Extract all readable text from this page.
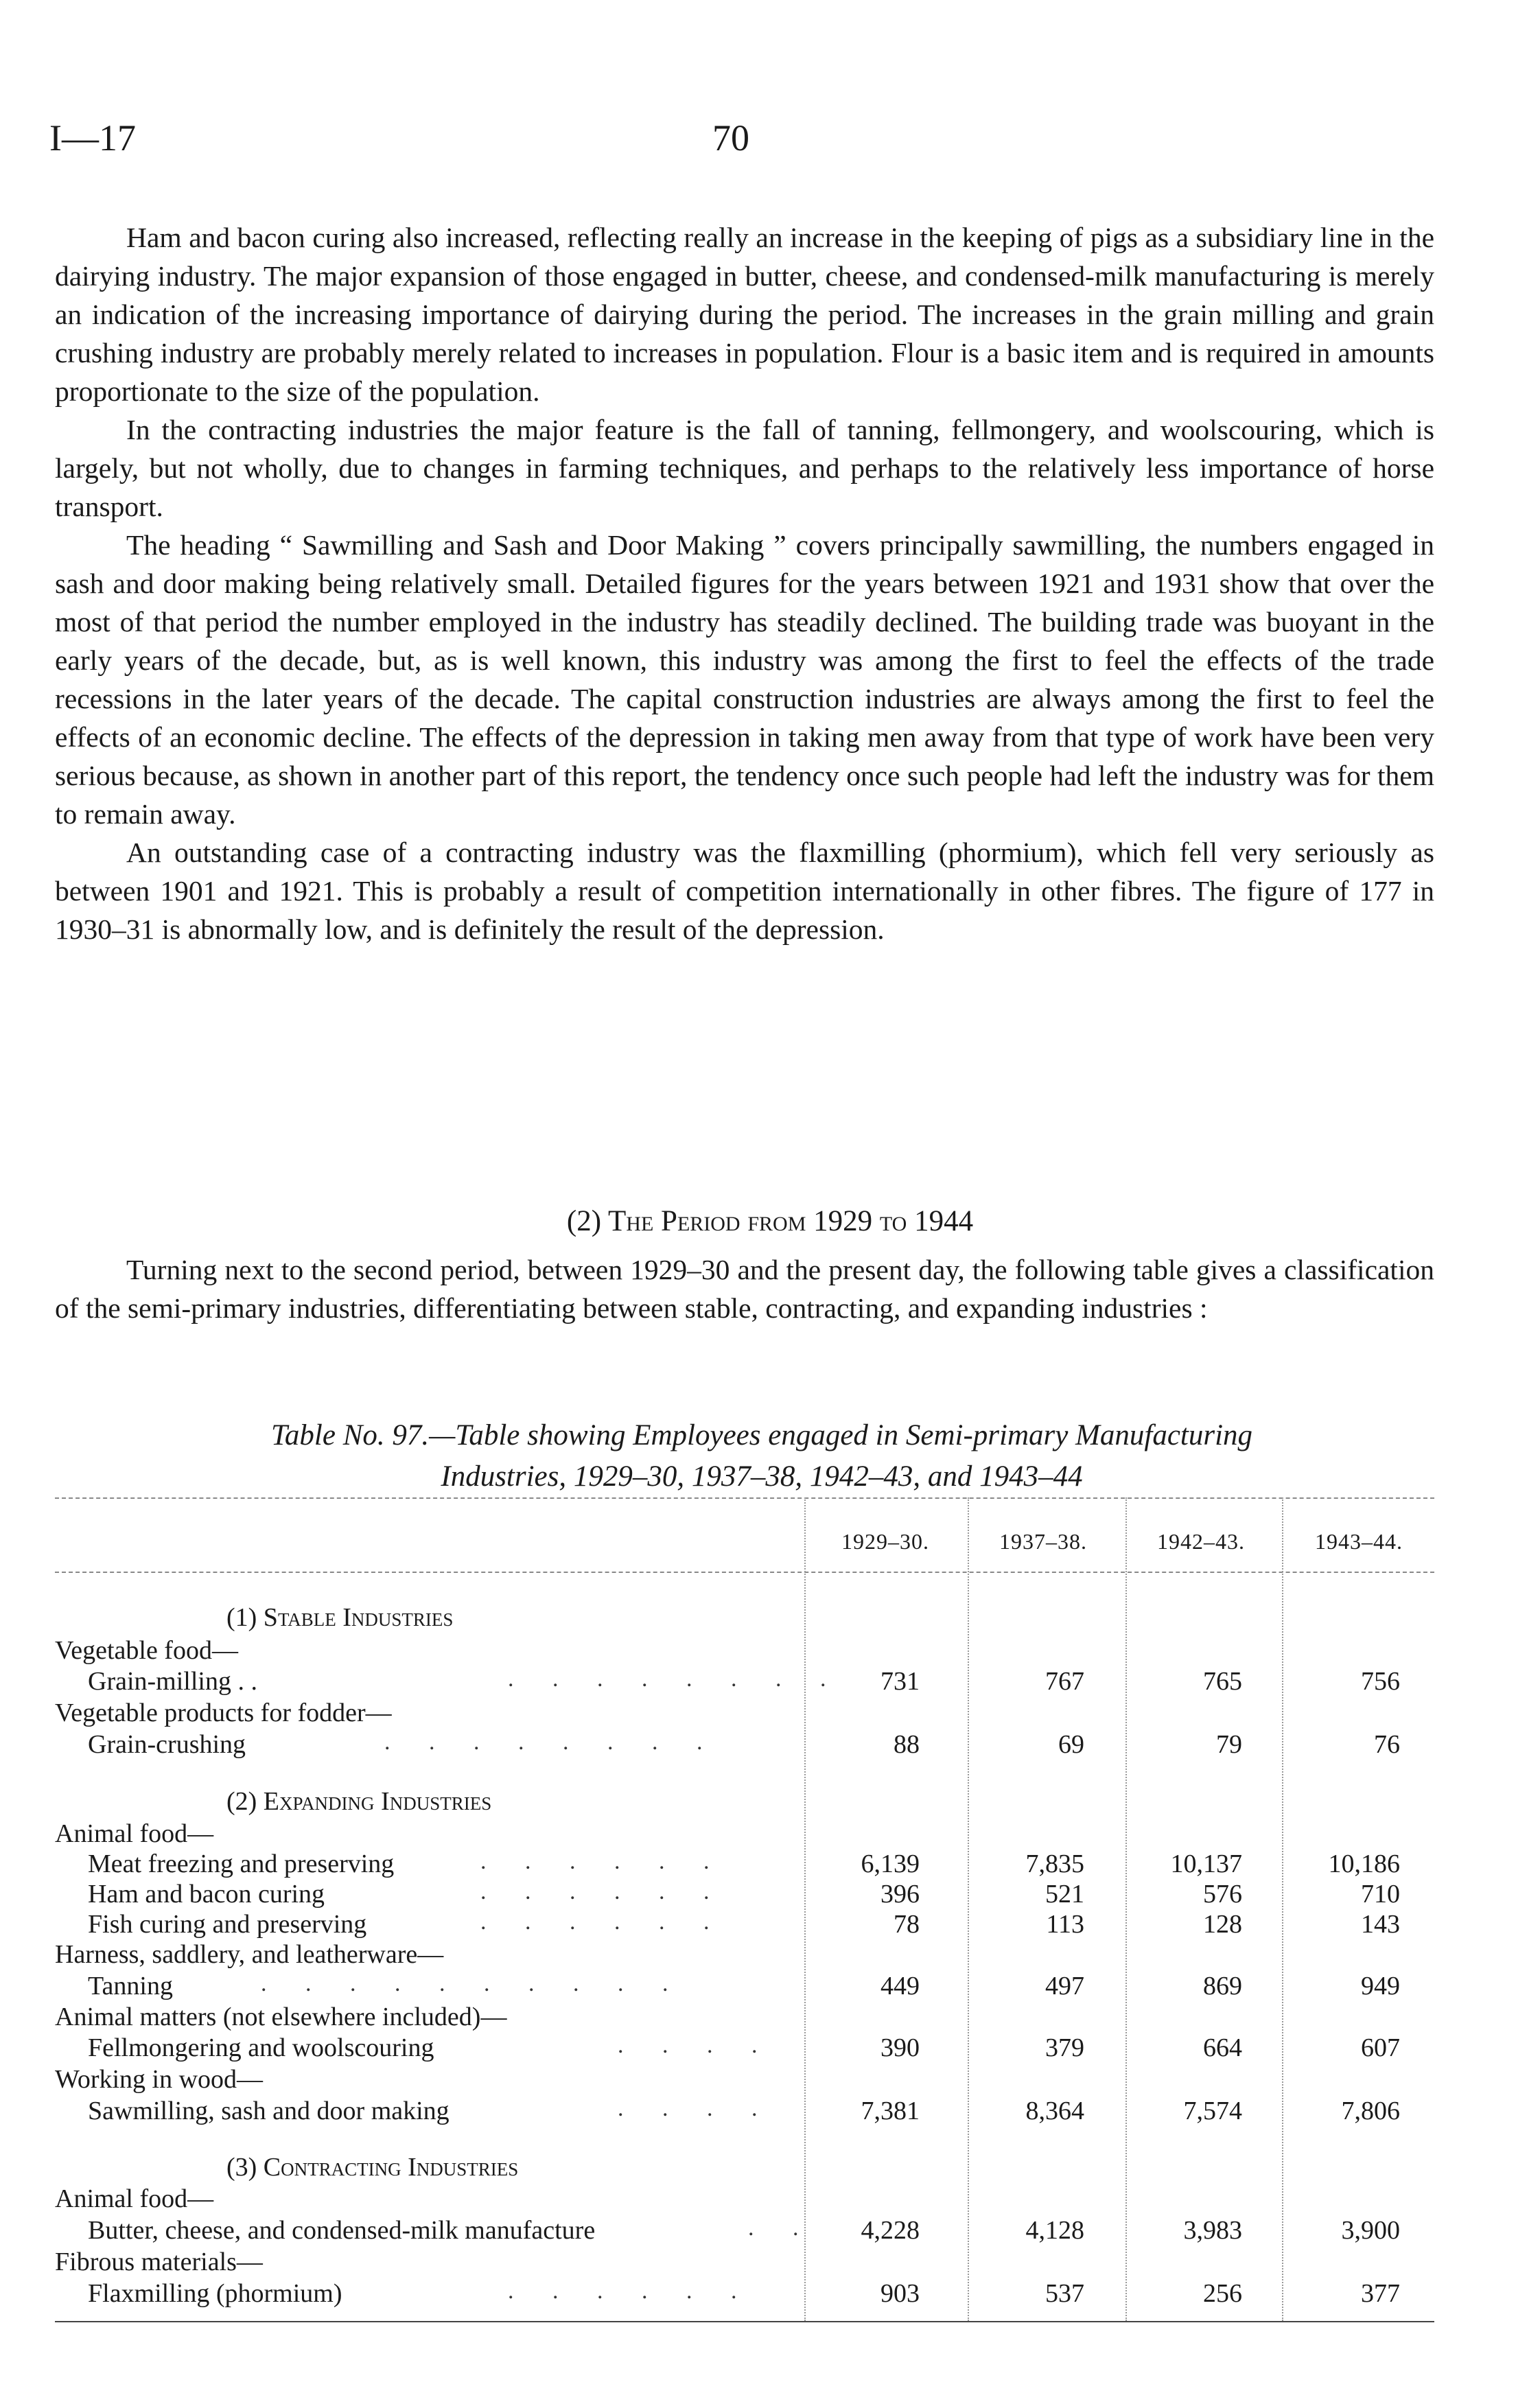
I—17	70

Ham and bacon curing also increased, reflecting really an increase in the keeping of pigs as a subsidiary line in the dairying industry. The major expansion of those engaged in butter, cheese, and condensed-milk manufacturing is merely an indication of the increasing importance of dairying during the period. The increases in the grain milling and grain crushing industry are probably merely related to increases in population. Flour is a basic item and is required in amounts proportionate to the size of the population.

In the contracting industries the major feature is the fall of tanning, fellmongery, and woolscouring, which is largely, but not wholly, due to changes in farming techniques, and perhaps to the relatively less importance of horse transport.

The heading “ Sawmilling and Sash and Door Making ” covers principally sawmilling, the numbers engaged in sash and door making being relatively small. Detailed figures for the years between 1921 and 1931 show that over the most of that period the number employed in the industry has steadily declined. The building trade was buoyant in the early years of the decade, but, as is well known, this industry was among the first to feel the effects of the trade recessions in the later years of the decade. The capital construction industries are always among the first to feel the effects of an economic decline. The effects of the depression in taking men away from that type of work have been very serious because, as shown in another part of this report, the tendency once such people had left the industry was for them to remain away.

An outstanding case of a contracting industry was the flaxmilling (phormium), which fell very seriously as between 1901 and 1921. This is probably a result of competition internationally in other fibres. The figure of 177 in 1930–31 is abnormally low, and is definitely the result of the depression.

(2) The Period from 1929 to 1944

Turning next to the second period, between 1929–30 and the present day, the following table gives a classification of the semi-primary industries, differentiating between stable, contracting, and expanding industries :

Table No. 97.—Table showing Employees engaged in Semi-primary Manufacturing
Industries, 1929–30, 1937–38, 1942–43, and 1943–44
1929–30.	1937–38.	1942–43.	1943–44.
(1) Stable Industries
Vegetable food—
Grain-milling . .	. . . . . . . .	731	767	765	756
Vegetable products for fodder—
Grain-crushing	. . . . . . . .	88	69	79	76
(2) Expanding Industries
Animal food—
Meat freezing and preserving	. . . . . .	6,139	7,835	10,137	10,186
Ham and bacon curing	. . . . . .	396	521	576	710
Fish curing and preserving	. . . . . .	78	113	128	143
Harness, saddlery, and leatherware—
Tanning	. . . . . . . . . .	449	497	869	949
Animal matters (not elsewhere included)—
Fellmongering and woolscouring	. . . .	390	379	664	607
Working in wood—
Sawmilling, sash and door making	. . . .	7,381	8,364	7,574	7,806
(3) Contracting Industries
Animal food—
Butter, cheese, and condensed-milk manufacture	. .	4,228	4,128	3,983	3,900
Fibrous materials—
Flaxmilling (phormium)	. . . . . .	903	537	256	377
